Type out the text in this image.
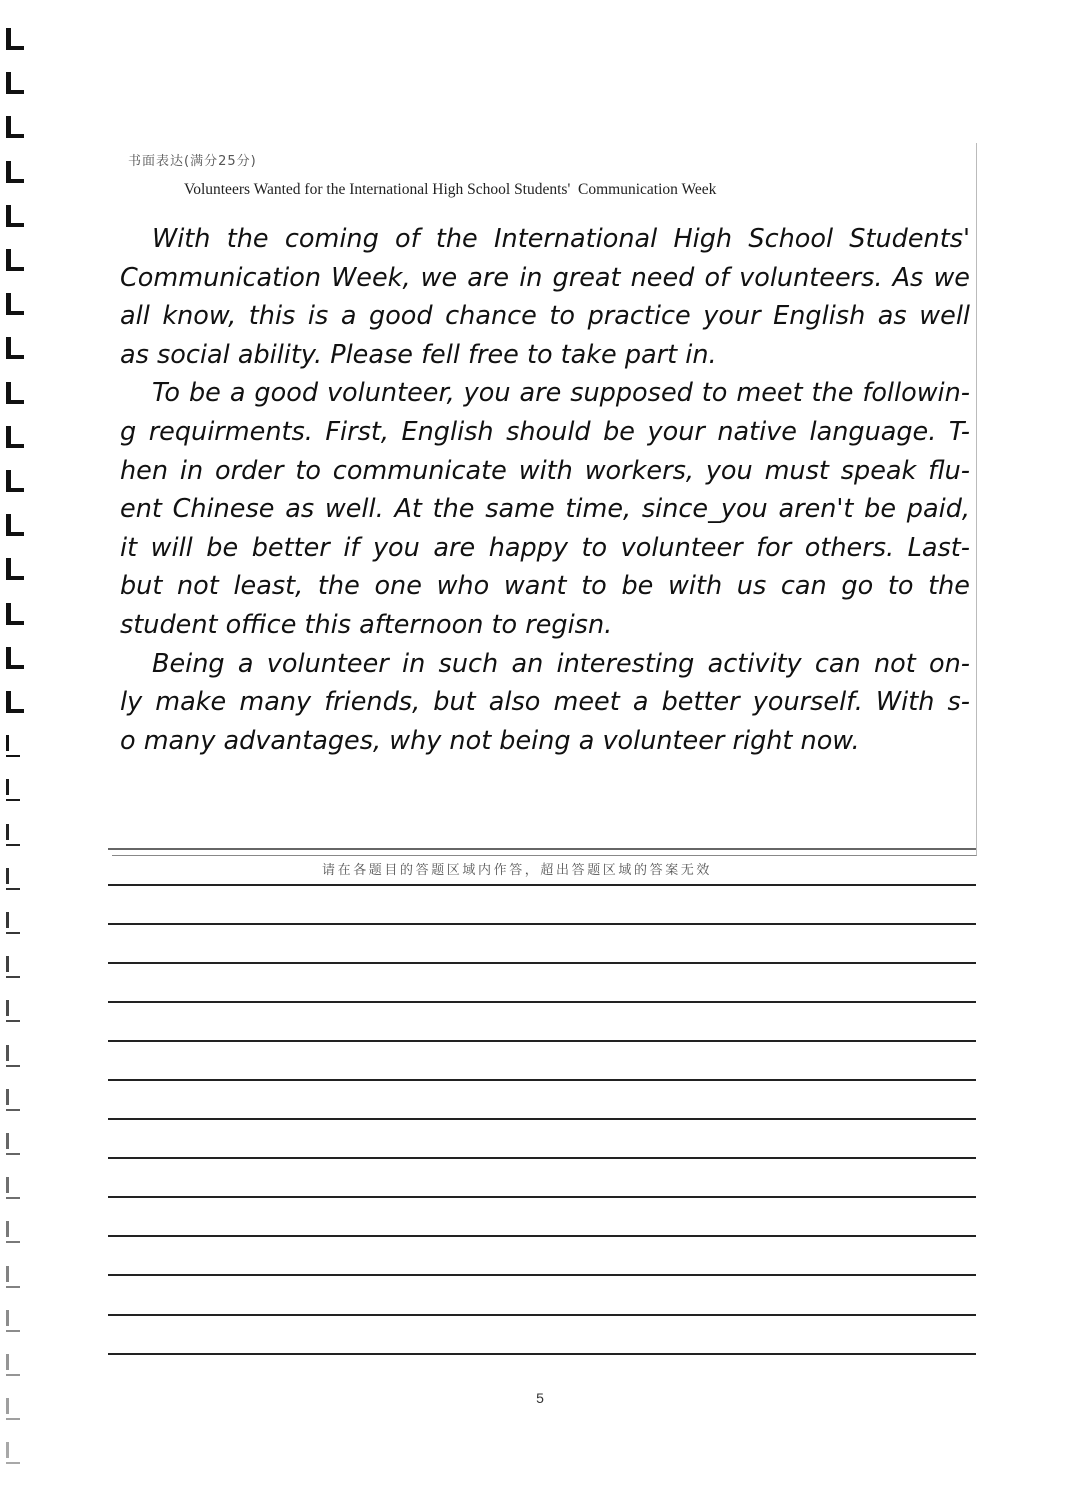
书面表达(满分25分)
Volunteers Wanted for the International High School Students'  Communication Week
With the coming of the International High School Students'
Communication Week, we are in great need of volunteers. As we
all know, this is a good chance to practice your English as well
as social ability. Please fell free to take part in.
To be a good volunteer, you are supposed to meet the followin-
g requirments. First, English should be your native language. T-
hen in order to communicate with workers, you must speak flu-
ent Chinese as well. At the same time, since_you aren't be paid,
it will be better if you are happy to volunteer for others. Last-
but not least, the one who want to be with us can go to the
student office this afternoon to regisn.
Being a volunteer in such an interesting activity can not on-
ly make many friends, but also meet a better yourself. With s-
o many advantages, why not being a volunteer right now.
请在各题目的答题区域内作答，超出答题区域的答案无效
5
